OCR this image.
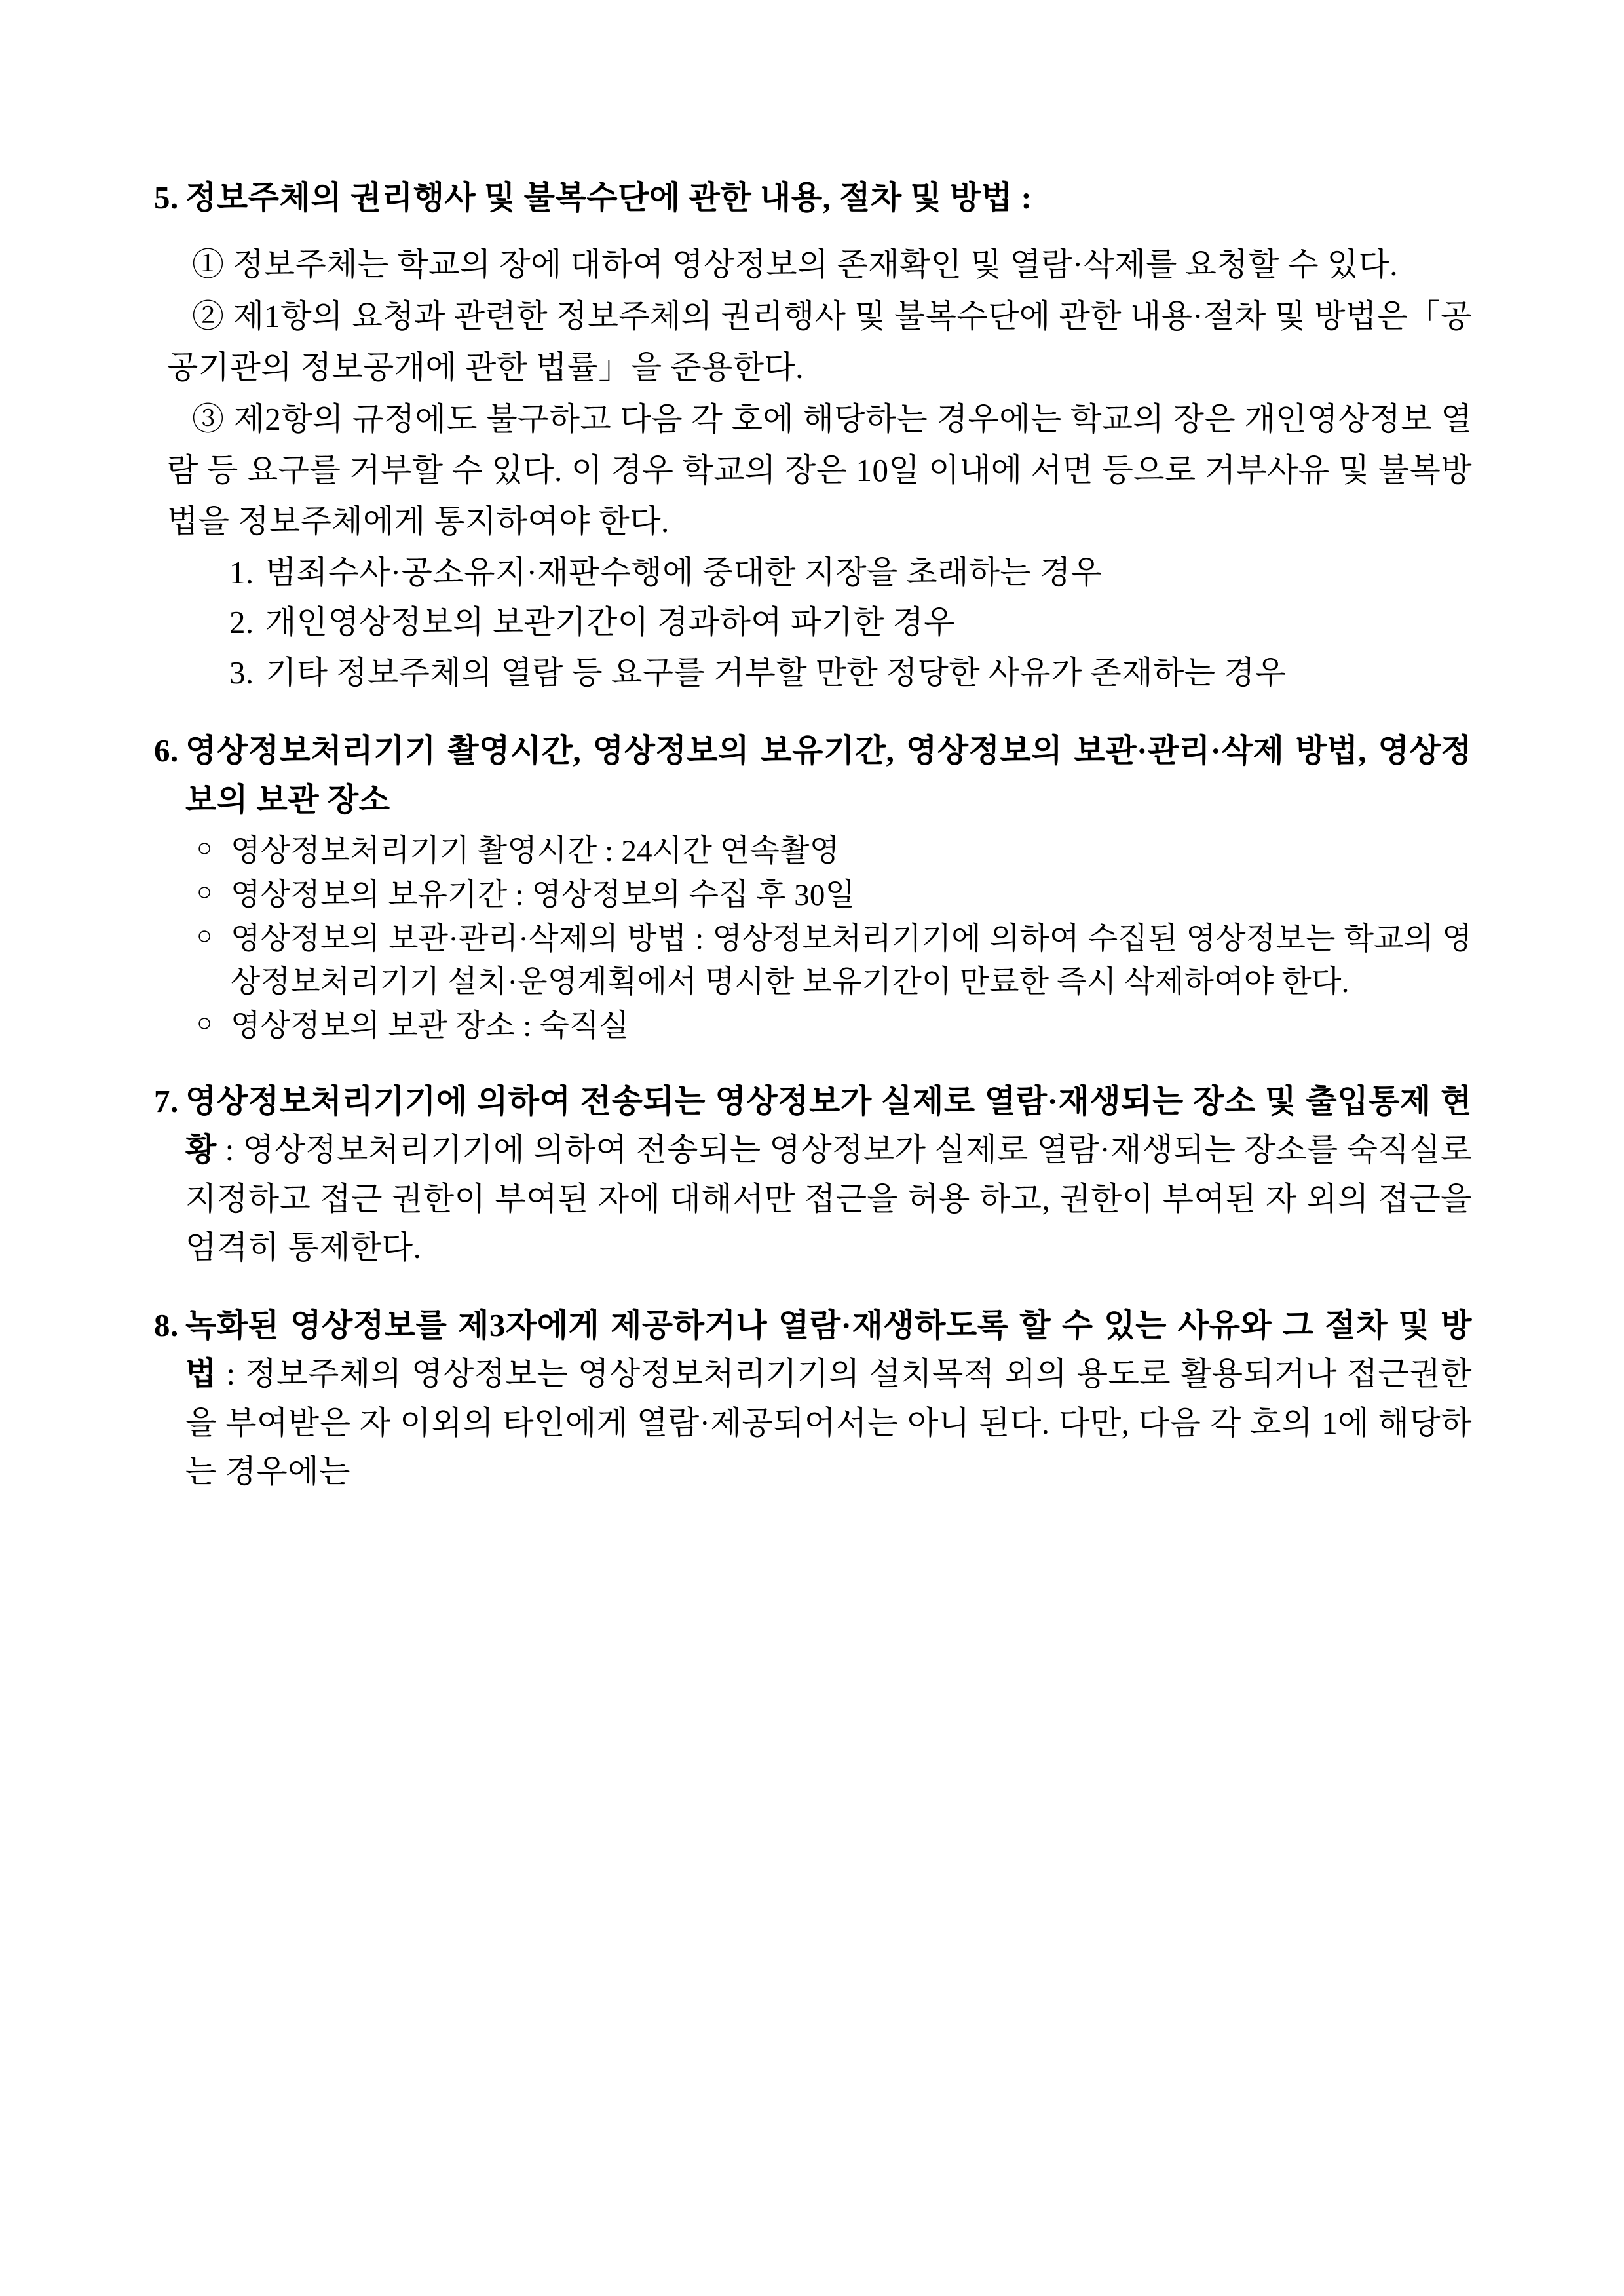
5. 정보주체의 권리행사 및 불복수단에 관한 내용, 절차 및 방법 :
① 정보주체는 학교의 장에 대하여 영상정보의 존재확인 및 열람·삭제를 요청할 수 있다.
② 제1항의 요청과 관련한 정보주체의 권리행사 및 불복수단에 관한 내용·절차 및 방법은「공공기관의 정보공개에 관한 법률」을 준용한다.
③ 제2항의 규정에도 불구하고 다음 각 호에 해당하는 경우에는 학교의 장은 개인영상정보 열람 등 요구를 거부할 수 있다. 이 경우 학교의 장은 10일 이내에 서면 등으로 거부사유 및 불복방법을 정보주체에게 통지하여야 한다.
1. 범죄수사·공소유지·재판수행에 중대한 지장을 초래하는 경우
2. 개인영상정보의 보관기간이 경과하여 파기한 경우
3. 기타 정보주체의 열람 등 요구를 거부할 만한 정당한 사유가 존재하는 경우
6. 영상정보처리기기 촬영시간, 영상정보의 보유기간, 영상정보의 보관·관리·삭제 방법, 영상정보의 보관 장소
○ 영상정보처리기기 촬영시간 : 24시간 연속촬영
○ 영상정보의 보유기간 : 영상정보의 수집 후 30일
○ 영상정보의 보관·관리·삭제의 방법 : 영상정보처리기기에 의하여 수집된 영상정보는 학교의 영상정보처리기기 설치·운영계획에서 명시한 보유기간이 만료한 즉시 삭제하여야 한다.
○ 영상정보의 보관 장소 : 숙직실
7. 영상정보처리기기에 의하여 전송되는 영상정보가 실제로 열람·재생되는 장소 및 출입통제 현황 : 영상정보처리기기에 의하여 전송되는 영상정보가 실제로 열람·재생되는 장소를 숙직실로 지정하고 접근 권한이 부여된 자에 대해서만 접근을 허용 하고, 권한이 부여된 자 외의 접근을 엄격히 통제한다.
8. 녹화된 영상정보를 제3자에게 제공하거나 열람·재생하도록 할 수 있는 사유와 그 절차 및 방법 : 정보주체의 영상정보는 영상정보처리기기의 설치목적 외의 용도로 활용되거나 접근권한을 부여받은 자 이외의 타인에게 열람·제공되어서는 아니 된다. 다만, 다음 각 호의 1에 해당하는 경우에는
